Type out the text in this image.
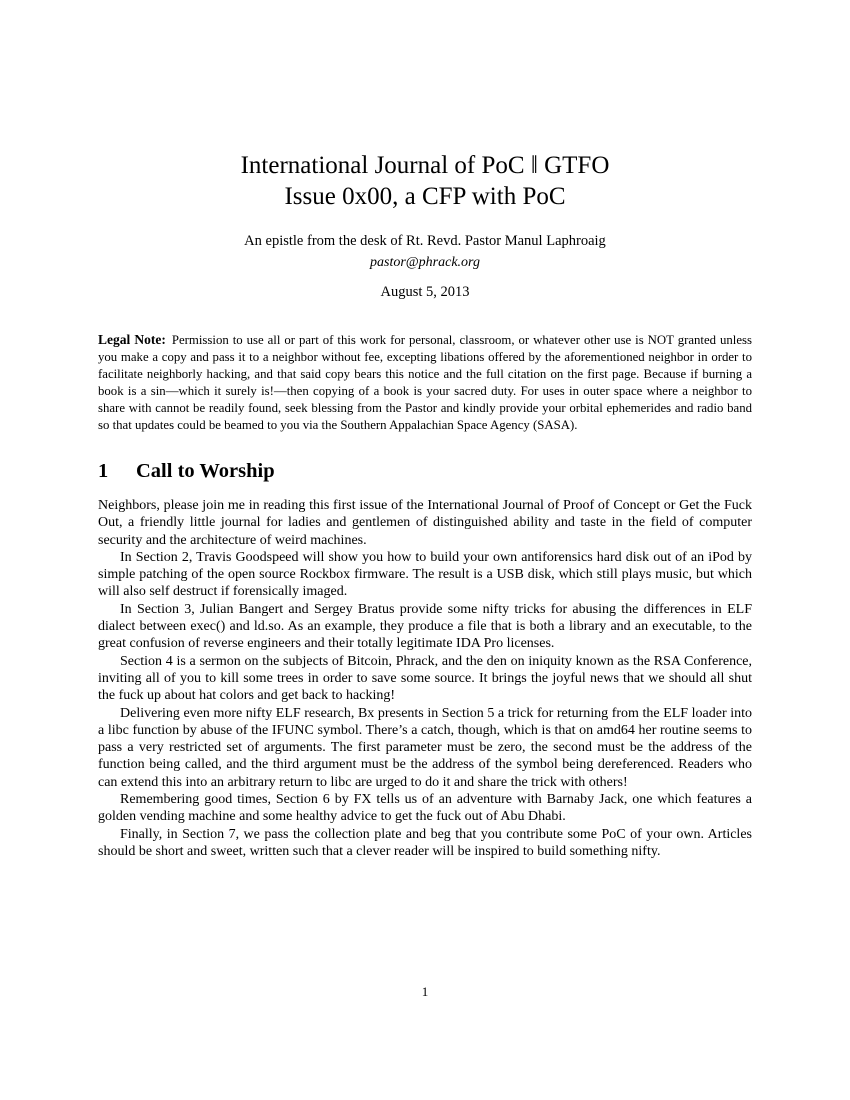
International Journal of PoC ‖ GTFO
Issue 0x00, a CFP with PoC
An epistle from the desk of Rt. Revd. Pastor Manul Laphroaig
pastor@phrack.org
August 5, 2013

Legal Note: Permission to use all or part of this work for personal, classroom, or whatever other use is NOT granted unless you make a copy and pass it to a neighbor without fee, excepting libations offered by the aforementioned neighbor in order to facilitate neighborly hacking, and that said copy bears this notice and the full citation on the first page. Because if burning a book is a sin—which it surely is!—then copying of a book is your sacred duty. For uses in outer space where a neighbor to share with cannot be readily found, seek blessing from the Pastor and kindly provide your orbital ephemerides and radio band so that updates could be beamed to you via the Southern Appalachian Space Agency (SASA).

1 Call to Worship

Neighbors, please join me in reading this first issue of the International Journal of Proof of Concept or Get the Fuck Out, a friendly little journal for ladies and gentlemen of distinguished ability and taste in the field of computer security and the architecture of weird machines.

In Section 2, Travis Goodspeed will show you how to build your own antiforensics hard disk out of an iPod by simple patching of the open source Rockbox firmware. The result is a USB disk, which still plays music, but which will also self destruct if forensically imaged.

In Section 3, Julian Bangert and Sergey Bratus provide some nifty tricks for abusing the differences in ELF dialect between exec() and ld.so. As an example, they produce a file that is both a library and an executable, to the great confusion of reverse engineers and their totally legitimate IDA Pro licenses.

Section 4 is a sermon on the subjects of Bitcoin, Phrack, and the den on iniquity known as the RSA Conference, inviting all of you to kill some trees in order to save some source. It brings the joyful news that we should all shut the fuck up about hat colors and get back to hacking!

Delivering even more nifty ELF research, Bx presents in Section 5 a trick for returning from the ELF loader into a libc function by abuse of the IFUNC symbol. There’s a catch, though, which is that on amd64 her routine seems to pass a very restricted set of arguments. The first parameter must be zero, the second must be the address of the function being called, and the third argument must be the address of the symbol being dereferenced. Readers who can extend this into an arbitrary return to libc are urged to do it and share the trick with others!

Remembering good times, Section 6 by FX tells us of an adventure with Barnaby Jack, one which features a golden vending machine and some healthy advice to get the fuck out of Abu Dhabi.

Finally, in Section 7, we pass the collection plate and beg that you contribute some PoC of your own. Articles should be short and sweet, written such that a clever reader will be inspired to build something nifty.

1
